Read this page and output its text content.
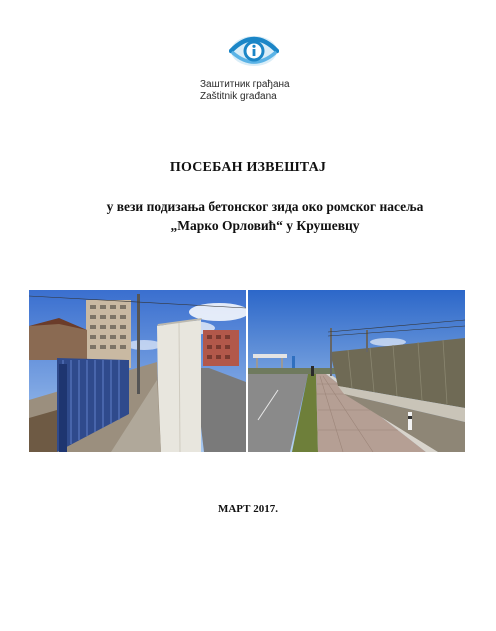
Заштитник грађана
Zaštitnik građana
ПОСЕБАН ИЗВЕШТАЈ
у вези подизања бетонског зида око ромског насеља
„Марко Орловић“ у Крушевцу
МАРТ 2017.
